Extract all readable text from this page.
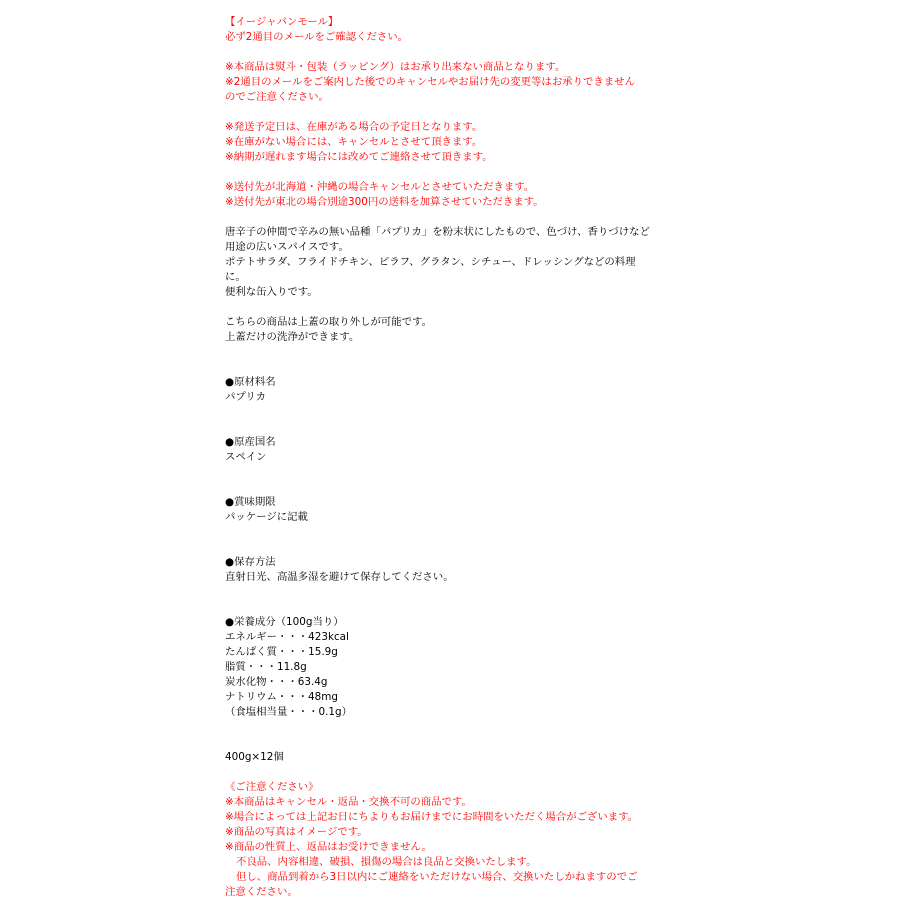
【イージャパンモール】
必ず2通目のメールをご確認ください。
※本商品は熨斗・包装（ラッピング）はお承り出来ない商品となります。
※2通目のメールをご案内した後でのキャンセルやお届け先の変更等はお承りできません
のでご注意ください。
※発送予定日は、在庫がある場合の予定日となります。
※在庫がない場合には、キャンセルとさせて頂きます。
※納期が遅れます場合には改めてご連絡させて頂きます。
※送付先が北海道・沖縄の場合キャンセルとさせていただきます。
※送付先が東北の場合別途300円の送料を加算させていただきます。
唐辛子の仲間で辛みの無い品種「パプリカ」を粉末状にしたもので、色づけ、香りづけなど
用途の広いスパイスです。
ポテトサラダ、フライドチキン、ピラフ、グラタン、シチュー、ドレッシングなどの料理
に。
便利な缶入りです。
こちらの商品は上蓋の取り外しが可能です。
上蓋だけの洗浄ができます。
●原材料名
パプリカ
●原産国名
スペイン
●賞味期限
パッケージに記載
●保存方法
直射日光、高温多湿を避けて保存してください。
●栄養成分（100g当り）
エネルギー・・・423kcal
たんぱく質・・・15.9g
脂質・・・11.8g
炭水化物・・・63.4g
ナトリウム・・・48mg
（食塩相当量・・・0.1g）
400g×12個
《ご注意ください》
※本商品はキャンセル・返品・交換不可の商品です。
※場合によっては上記お日にちよりもお届けまでにお時間をいただく場合がございます。
※商品の写真はイメージです。
※商品の性質上、返品はお受けできません。
不良品、内容相違、破損、損傷の場合は良品と交換いたします。
但し、商品到着から3日以内にご連絡をいただけない場合、交換いたしかねますのでご
注意ください。
